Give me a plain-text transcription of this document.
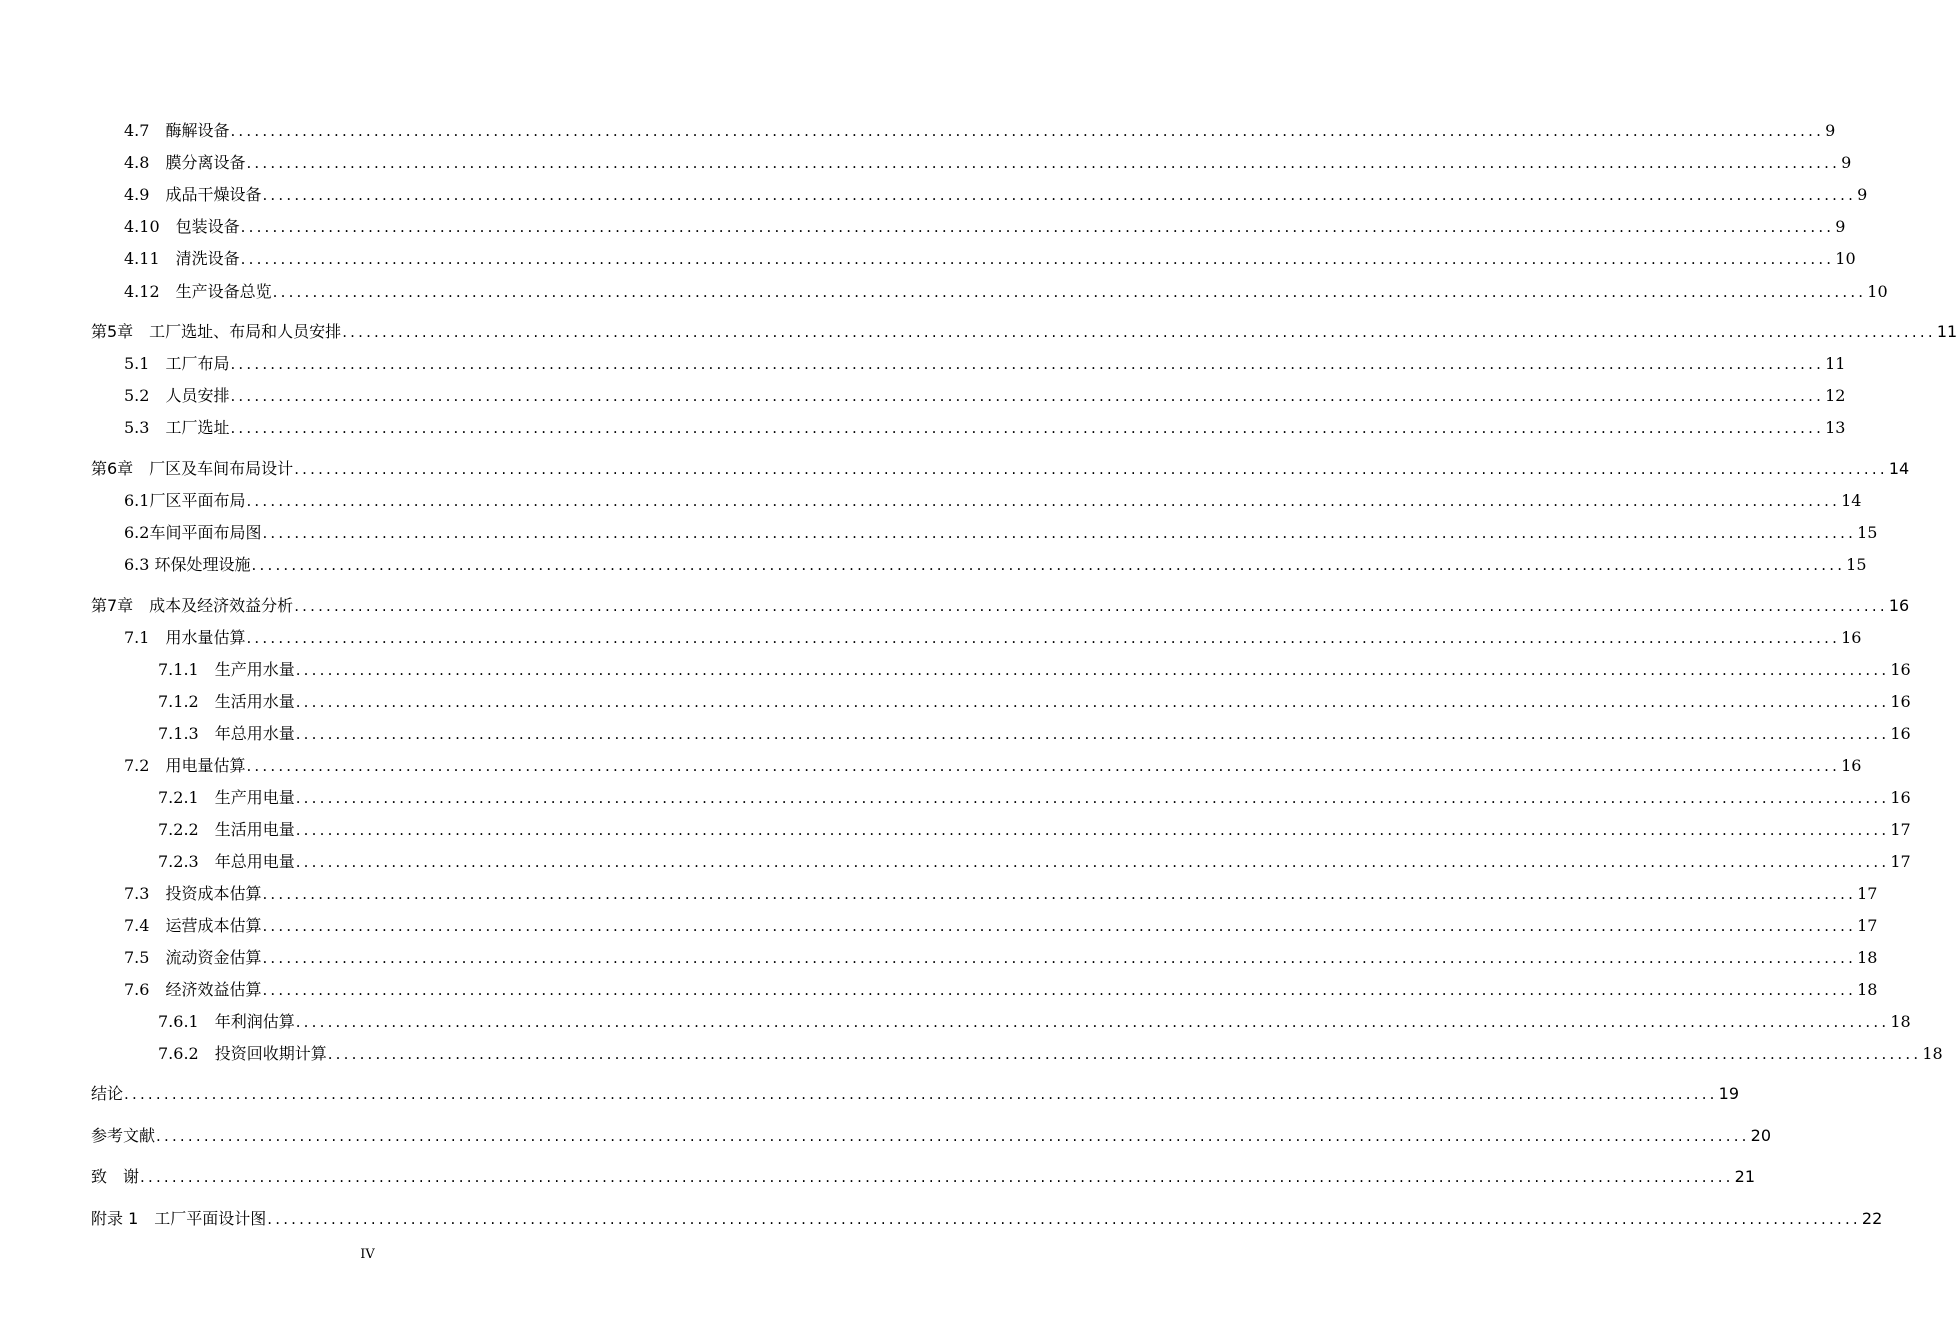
4.7　酶解设备 ........................................................................................................................................................................................................ 9
4.8　膜分离设备 ........................................................................................................................................................................................................ 9
4.9　成品干燥设备 ........................................................................................................................................................................................................ 9
4.10　包装设备 ........................................................................................................................................................................................................ 9
4.11　清洗设备 ........................................................................................................................................................................................................ 10
4.12　生产设备总览 ........................................................................................................................................................................................................ 10
第5章　工厂选址、布局和人员安排 ........................................................................................................................................................................................................ 11
5.1　工厂布局 ........................................................................................................................................................................................................ 11
5.2　人员安排 ........................................................................................................................................................................................................ 12
5.3　工厂选址 ........................................................................................................................................................................................................ 13
第6章　厂区及车间布局设计 ........................................................................................................................................................................................................ 14
6.1厂区平面布局 ........................................................................................................................................................................................................ 14
6.2车间平面布局图 ........................................................................................................................................................................................................ 15
6.3 环保处理设施 ........................................................................................................................................................................................................ 15
第7章　成本及经济效益分析 ........................................................................................................................................................................................................ 16
7.1　用水量估算 ........................................................................................................................................................................................................ 16
7.1.1　生产用水量 ........................................................................................................................................................................................................ 16
7.1.2　生活用水量 ........................................................................................................................................................................................................ 16
7.1.3　年总用水量 ........................................................................................................................................................................................................ 16
7.2　用电量估算 ........................................................................................................................................................................................................ 16
7.2.1　生产用电量 ........................................................................................................................................................................................................ 16
7.2.2　生活用电量 ........................................................................................................................................................................................................ 17
7.2.3　年总用电量 ........................................................................................................................................................................................................ 17
7.3　投资成本估算 ........................................................................................................................................................................................................ 17
7.4　运营成本估算 ........................................................................................................................................................................................................ 17
7.5　流动资金估算 ........................................................................................................................................................................................................ 18
7.6　经济效益估算 ........................................................................................................................................................................................................ 18
7.6.1　年利润估算 ........................................................................................................................................................................................................ 18
7.6.2　投资回收期计算 ........................................................................................................................................................................................................ 18
结论 ........................................................................................................................................................................................................ 19
参考文献 ........................................................................................................................................................................................................ 20
致　谢 ........................................................................................................................................................................................................ 21
附录 1　工厂平面设计图 ........................................................................................................................................................................................................ 22
IV
